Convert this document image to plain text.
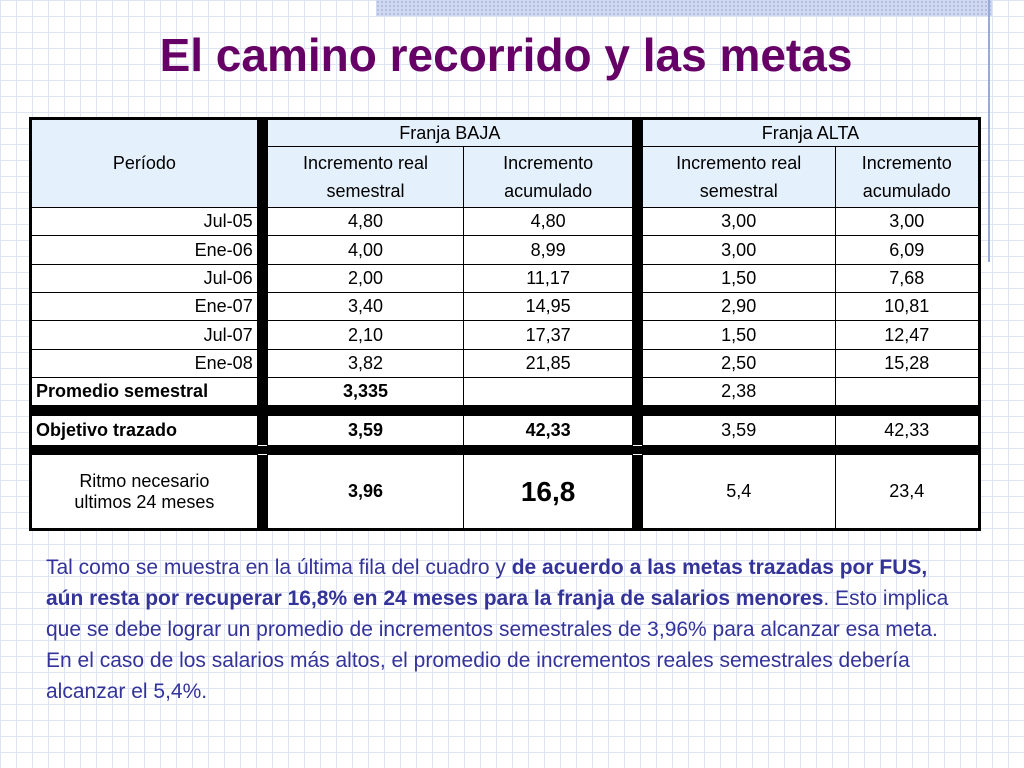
El camino recorrido y las metas
Período		Franja BAJA			Franja ALTA	
		Incremento real semestral	Incremento acumulado		Incremento real semestral	Incremento acumulado
Jul-05		4,80	4,80		3,00	3,00
Ene-06		4,00	8,99		3,00	6,09
Jul-06		2,00	11,17		1,50	7,68
Ene-07		3,40	14,95		2,90	10,81
Jul-07		2,10	17,37		1,50	12,47
Ene-08		3,82	21,85		2,50	15,28
Promedio semestral		3,335			2,38	

Objetivo trazado		3,59	42,33		3,59	42,33

Ritmo necesario
ultimos 24 meses		3,96	16,8		5,4	23,4

Tal como se muestra en la última fila del cuadro y de acuerdo a las metas trazadas por FUS, aún resta por recuperar 16,8% en 24 meses para la franja de salarios menores. Esto implica que se debe lograr un promedio de incrementos semestrales de 3,96% para alcanzar esa meta. En el caso de los salarios más altos, el promedio de incrementos reales semestrales debería alcanzar el 5,4%.
